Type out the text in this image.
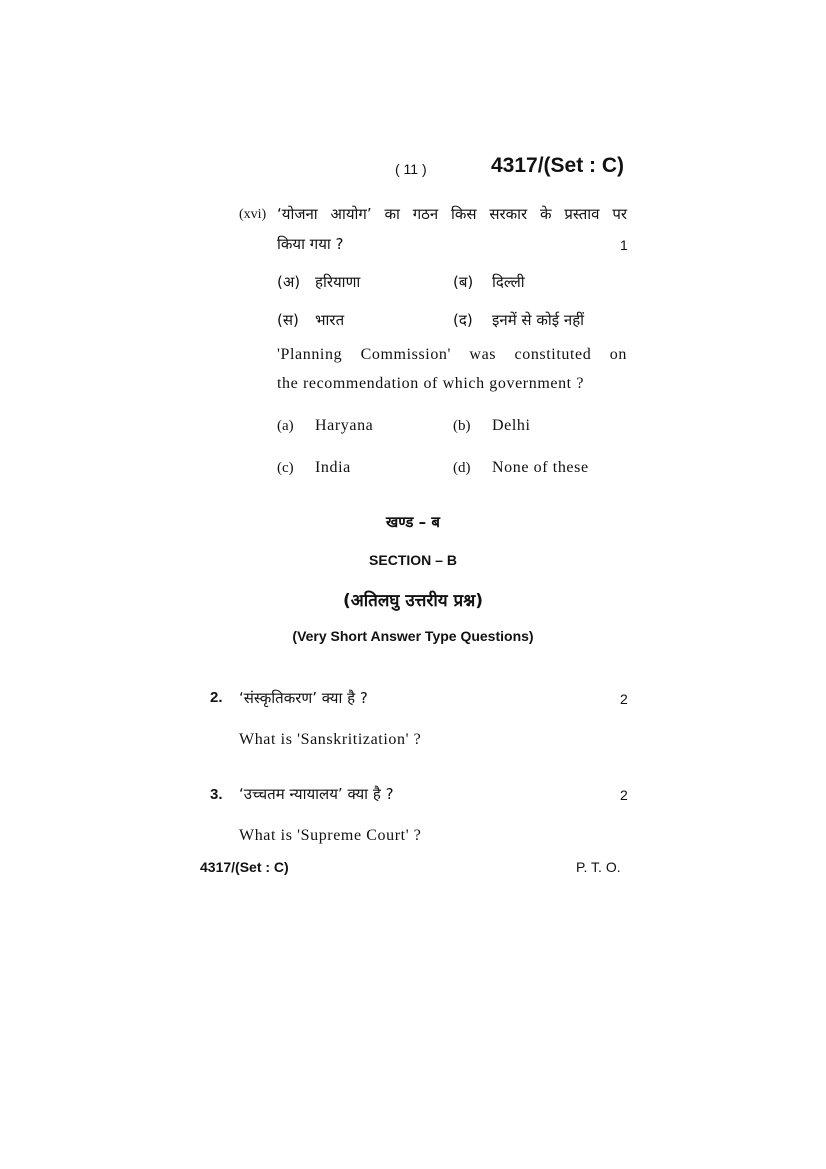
( 11 )	4317/(Set : C)
(xvi) ‘योजना आयोग’ का गठन किस सरकार के प्रस्ताव पर
किया गया ?	1
(अ) हरियाणा	(ब) दिल्ली
(स) भारत	(द) इनमें से कोई नहीं
'Planning Commission' was constituted on
the recommendation of which government ?
(a) Haryana	(b) Delhi
(c) India	(d) None of these
खण्ड – ब
SECTION – B
(अतिलघु उत्तरीय प्रश्न)
(Very Short Answer Type Questions)
2. ‘संस्कृतिकरण’ क्या है ?	2
What is 'Sanskritization' ?
3. ‘उच्चतम न्यायालय’ क्या है ?	2
What is 'Supreme Court' ?
4317/(Set : C)	P. T. O.
